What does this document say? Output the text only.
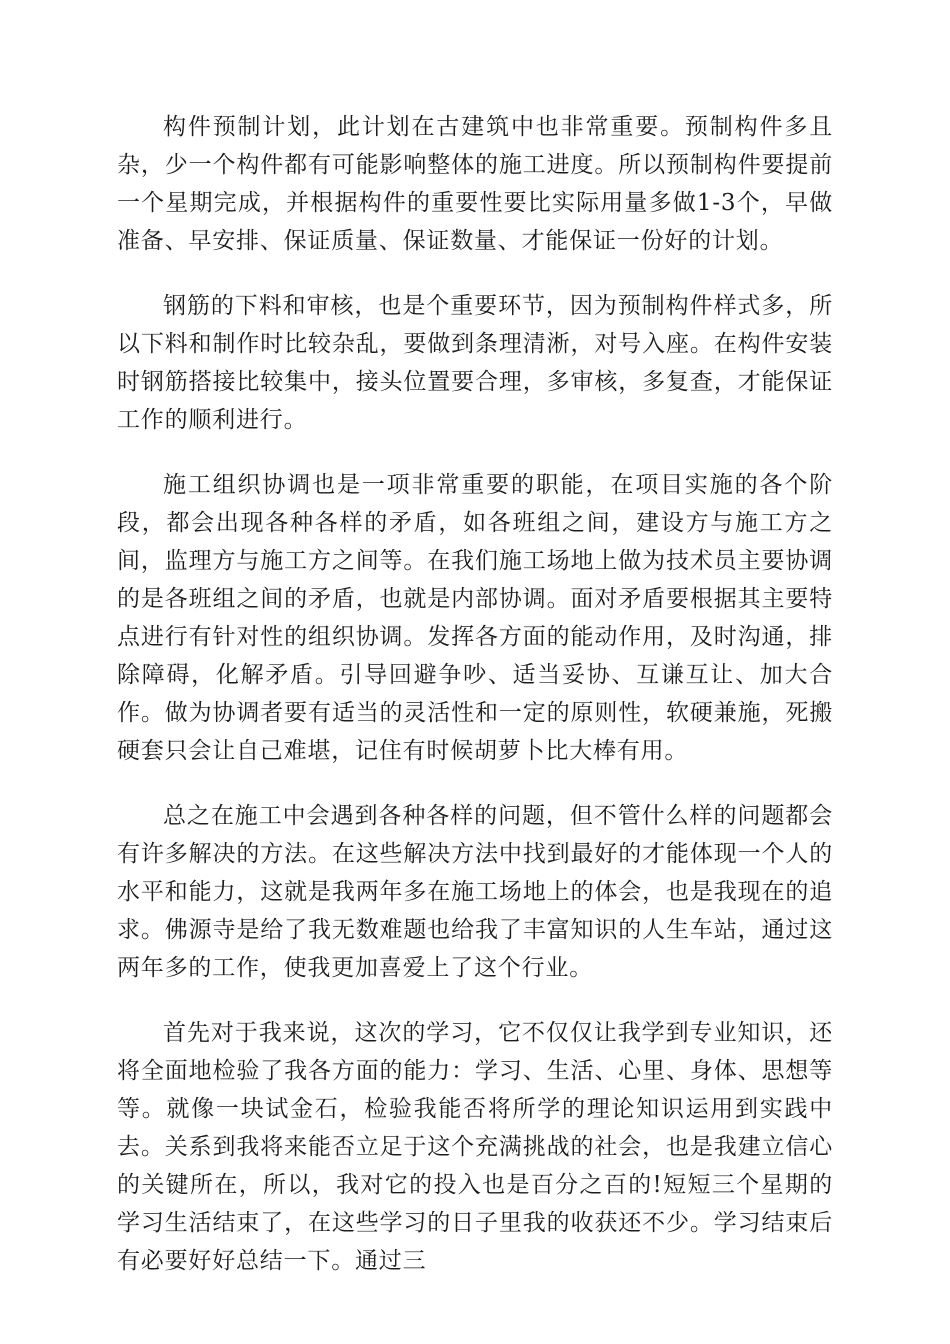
构件预制计划，此计划在古建筑中也非常重要。预制构件多且杂，少一个构件都有可能影响整体的施工进度。所以预制构件要提前一个星期完成，并根据构件的重要性要比实际用量多做1-3个，早做准备、早安排、保证质量、保证数量、才能保证一份好的计划。

钢筋的下料和审核，也是个重要环节，因为预制构件样式多，所以下料和制作时比较杂乱，要做到条理清淅，对号入座。在构件安装时钢筋搭接比较集中，接头位置要合理，多审核，多复查，才能保证工作的顺利进行。

施工组织协调也是一项非常重要的职能，在项目实施的各个阶段，都会出现各种各样的矛盾，如各班组之间，建设方与施工方之间，监理方与施工方之间等。在我们施工场地上做为技术员主要协调的是各班组之间的矛盾，也就是内部协调。面对矛盾要根据其主要特点进行有针对性的组织协调。发挥各方面的能动作用，及时沟通，排除障碍，化解矛盾。引导回避争吵、适当妥协、互谦互让、加大合作。做为协调者要有适当的灵活性和一定的原则性，软硬兼施，死搬硬套只会让自己难堪，记住有时候胡萝卜比大棒有用。

总之在施工中会遇到各种各样的问题，但不管什么样的问题都会有许多解决的方法。在这些解决方法中找到最好的才能体现一个人的水平和能力，这就是我两年多在施工场地上的体会，也是我现在的追求。佛源寺是给了我无数难题也给我了丰富知识的人生车站，通过这两年多的工作，使我更加喜爱上了这个行业。

首先对于我来说，这次的学习，它不仅仅让我学到专业知识，还将全面地检验了我各方面的能力：学习、生活、心里、身体、思想等等。就像一块试金石，检验我能否将所学的理论知识运用到实践中去。关系到我将来能否立足于这个充满挑战的社会，也是我建立信心的关键所在，所以，我对它的投入也是百分之百的!短短三个星期的学习生活结束了，在这些学习的日子里我的收获还不少。学习结束后有必要好好总结一下。通过三
